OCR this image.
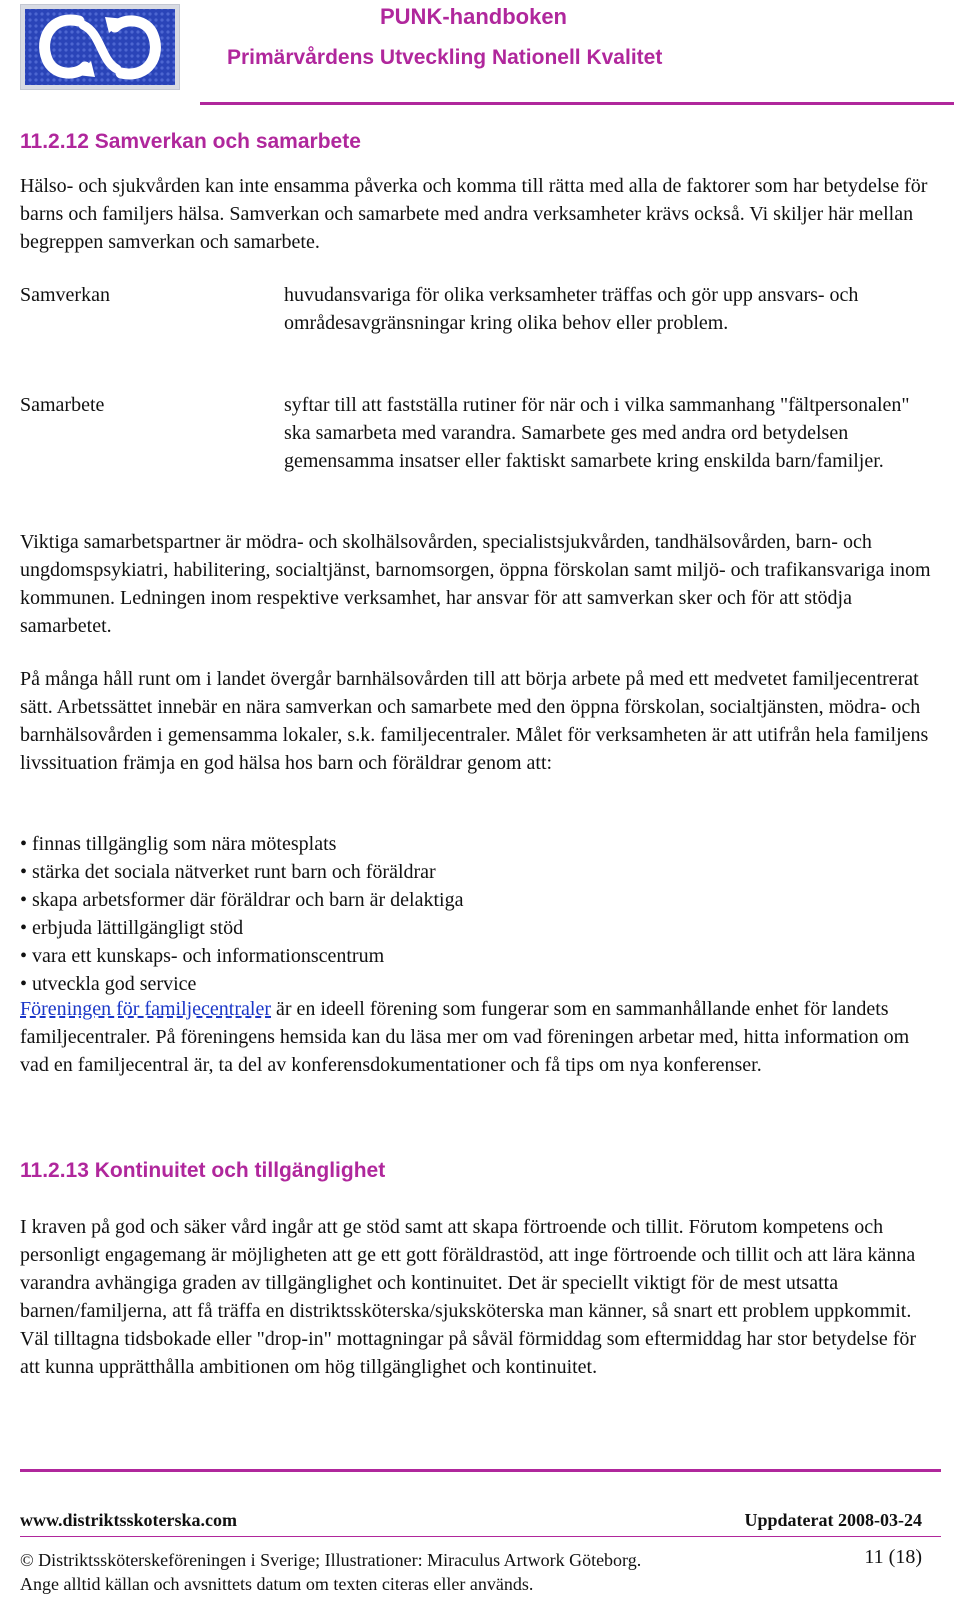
PUNK-handboken
Primärvårdens Utveckling Nationell Kvalitet
11.2.12 Samverkan och samarbete

Hälso- och sjukvården kan inte ensamma påverka och komma till rätta med alla de faktorer som har betydelse för barns och familjers hälsa. Samverkan och samarbete med andra verksamheter krävs också. Vi skiljer här mellan begreppen samverkan och samarbete.

Samverkan	huvudansvariga för olika verksamheter träffas och gör upp ansvars- och områdesavgränsningar kring olika behov eller problem.
Samarbete	syftar till att fastställa rutiner för när och i vilka sammanhang "fältpersonalen" ska samarbeta med varandra. Samarbete ges med andra ord betydelsen gemensamma insatser eller faktiskt samarbete kring enskilda barn/familjer.

Viktiga samarbetspartner är mödra- och skolhälsovården, specialistsjukvården, tandhälsovården, barn- och ungdomspsykiatri, habilitering, socialtjänst, barnomsorgen, öppna förskolan samt miljö- och trafikansvariga inom kommunen. Ledningen inom respektive verksamhet, har ansvar för att samverkan sker och för att stödja samarbetet.

På många håll runt om i landet övergår barnhälsovården till att börja arbete på med ett medvetet familjecentrerat sätt. Arbetssättet innebär en nära samverkan och samarbete med den öppna förskolan, socialtjänsten, mödra- och barnhälsovården i gemensamma lokaler, s.k. familjecentraler. Målet för verksamheten är att utifrån hela familjens livssituation främja en god hälsa hos barn och föräldrar genom att:

• finnas tillgänglig som nära mötesplats
• stärka det sociala nätverket runt barn och föräldrar
• skapa arbetsformer där föräldrar och barn är delaktiga
• erbjuda lättillgängligt stöd
• vara ett kunskaps- och informationscentrum
• utveckla god service

Föreningen för familjecentraler är en ideell förening som fungerar som en sammanhållande enhet för landets familjecentraler. På föreningens hemsida kan du läsa mer om vad föreningen arbetar med, hitta information om vad en familjecentral är, ta del av konferensdokumentationer och få tips om nya konferenser.

11.2.13 Kontinuitet och tillgänglighet

I kraven på god och säker vård ingår att ge stöd samt att skapa förtroende och tillit. Förutom kompetens och personligt engagemang är möjligheten att ge ett gott föräldrastöd, att inge förtroende och tillit och att lära känna varandra avhängiga graden av tillgänglighet och kontinuitet. Det är speciellt viktigt för de mest utsatta barnen/familjerna, att få träffa en distriktssköterska/sjuksköterska man känner, så snart ett problem uppkommit. Väl tilltagna tidsbokade eller "drop-in" mottagningar på såväl förmiddag som eftermiddag har stor betydelse för att kunna upprätthålla ambitionen om hög tillgänglighet och kontinuitet.

www.distriktsskoterska.com	Uppdaterat 2008-03-24
© Distriktssköterskeföreningen i Sverige; Illustrationer: Miraculus Artwork Göteborg.
Ange alltid källan och avsnittets datum om texten citeras eller används.
11 (18)
